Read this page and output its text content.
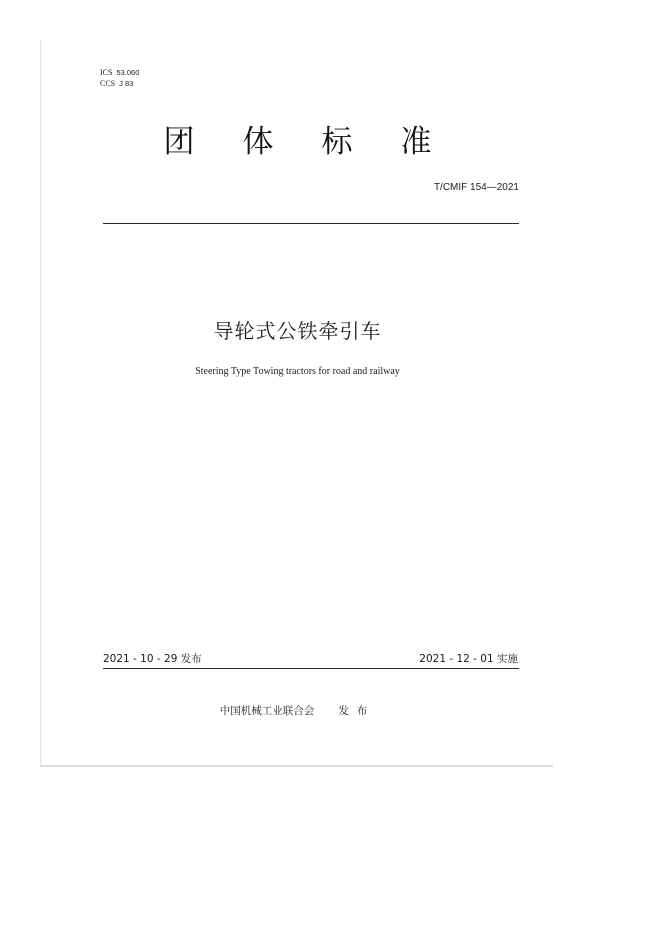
ICS 53.060
CCS J 83
团体标准
T/CMIF 154—2021
导轮式公铁牵引车
Steering Type Towing tractors for road and railway
2021 - 10 - 29 发布	2021 - 12 - 01 实施
中国机械工业联合会 发布
